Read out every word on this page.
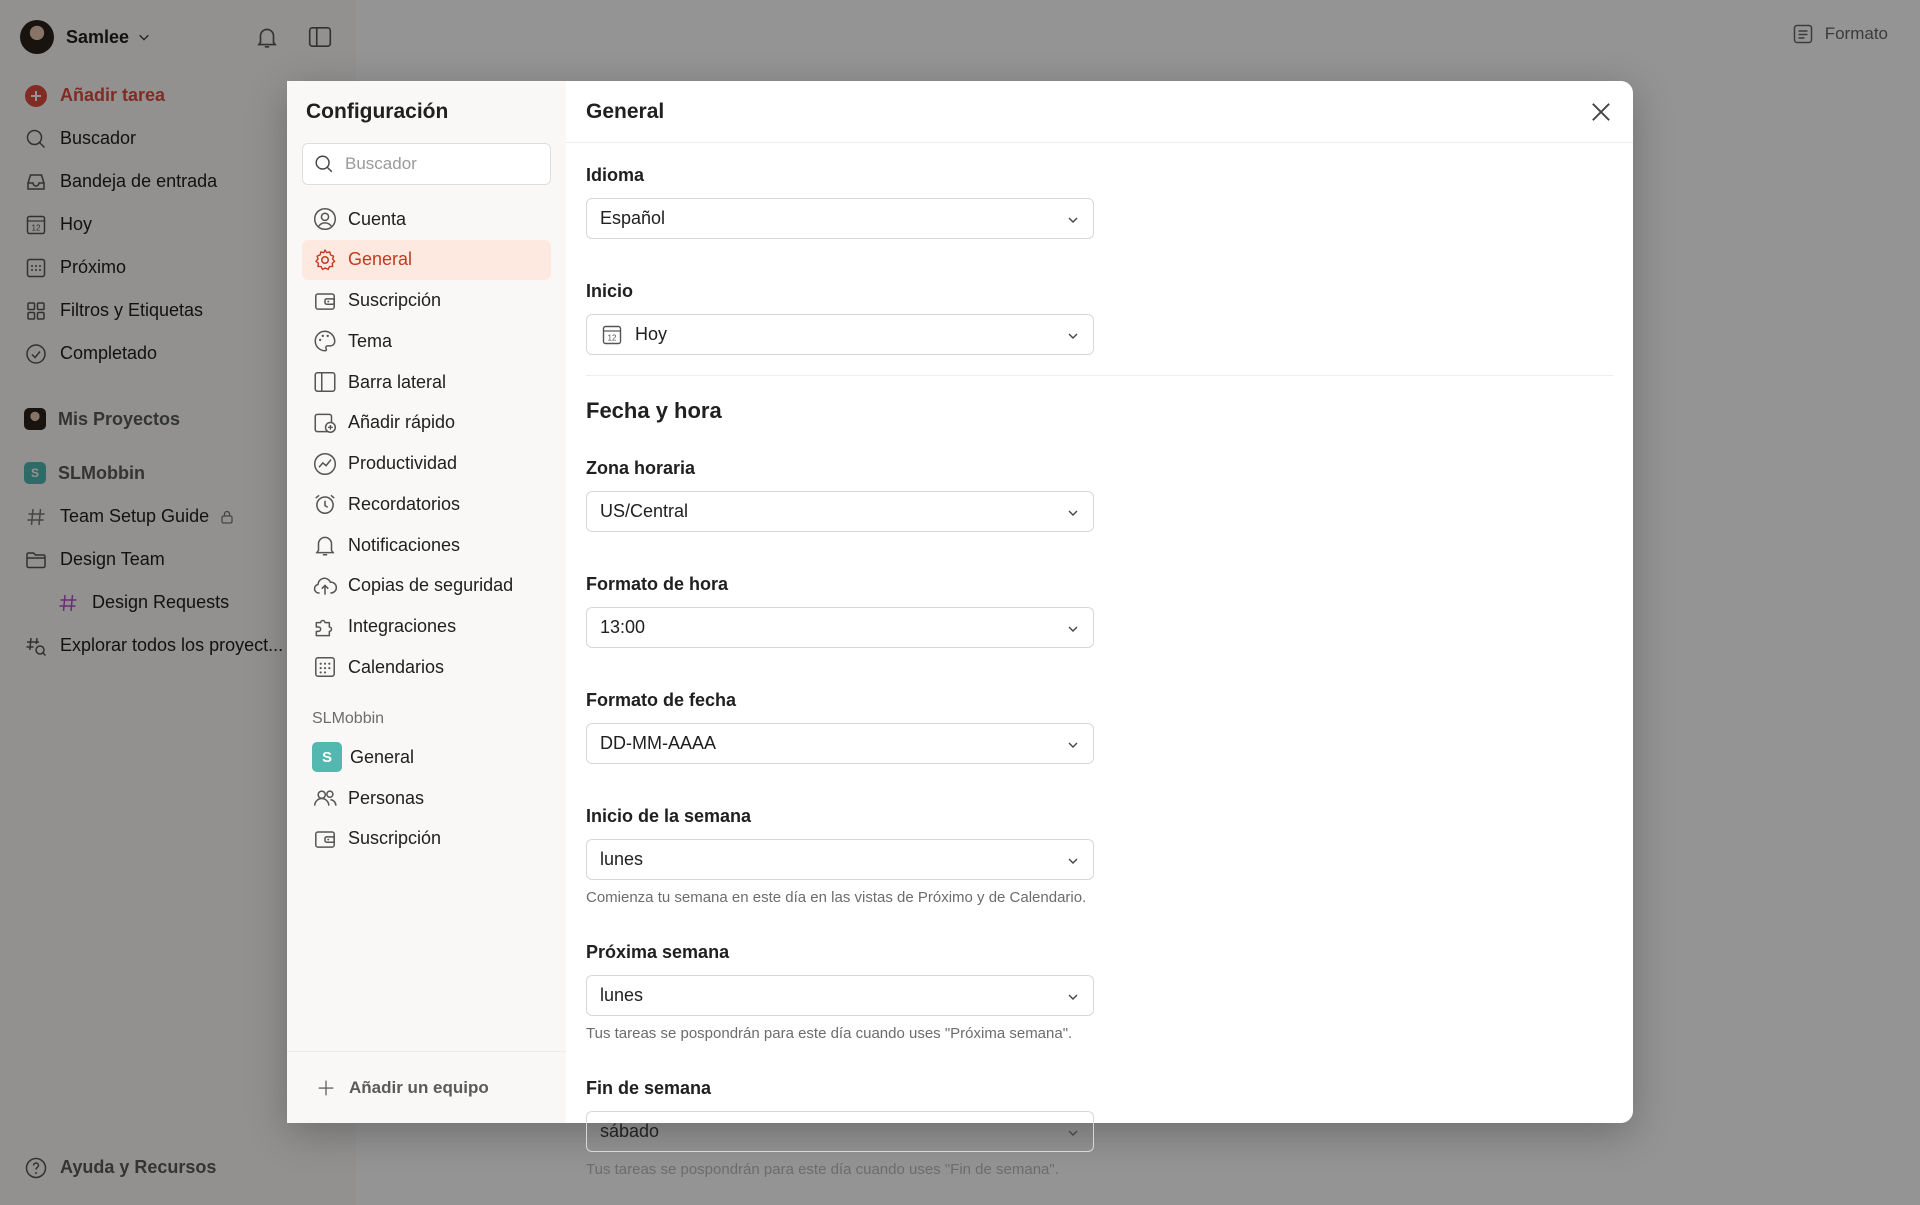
Samlee
Añadir tarea
Buscador
Bandeja de entrada
12 Hoy
Próximo
Filtros y Etiquetas
Completado
Mis Proyectos
S	SLMobbin
Team Setup Guide
Design Team
Design Requests
Explorar todos los proyect...
Ayuda y Recursos
Formato
Configuración
Buscador
Cuenta
General
Suscripción
Tema
Barra lateral
Añadir rápido
Productividad
Recordatorios
Notificaciones
Copias de seguridad
Integraciones
Calendarios
SLMobbin
S	General
Personas
Suscripción
Añadir un equipo
General
Idioma
Español
Inicio
12 Hoy
Fecha y hora
Zona horaria
US/Central
Formato de hora
13:00
Formato de fecha
DD-MM-AAAA
Inicio de la semana
lunes
Comienza tu semana en este día en las vistas de Próximo y de Calendario.
Próxima semana
lunes
Tus tareas se pospondrán para este día cuando uses "Próxima semana".
Fin de semana
sábado
Tus tareas se pospondrán para este día cuando uses "Fin de semana".
